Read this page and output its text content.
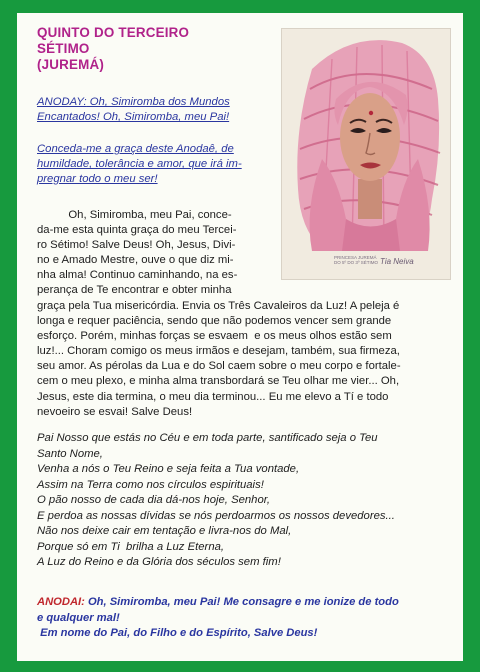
QUINTO DO TERCEIRO
SÉTIMO
(JUREMÁ)
ANODAY: Oh, Simiromba dos Mundos
Encantados! Oh, Simiromba, meu Pai!
Conceda-me a graça deste Anodaê, de
humildade, tolerância e amor, que irá im-
pregnar todo o meu ser!
PRINCESA JUREMÁ
DO 5º DO 3º SÉTIMO Tia Neiva
Oh, Simiromba, meu Pai, conce-
da-me esta quinta graça do meu Tercei-
ro Sétimo! Salve Deus! Oh, Jesus, Divi-
no e Amado Mestre, ouve o que diz mi-
nha alma! Continuo caminhando, na es-
perança de Te encontrar e obter minha
graça pela Tua misericórdia. Envia os Três Cavaleiros da Luz! A peleja é
longa e requer paciência, sendo que não podemos vencer sem grande
esforço. Porém, minhas forças se esvaem  e os meus olhos estão sem
luz!... Choram comigo os meus irmãos e desejam, também, sua firmeza,
seu amor. As pérolas da Lua e do Sol caem sobre o meu corpo e fortale-
cem o meu plexo, e minha alma transbordará se Teu olhar me vier... Oh,
Jesus, este dia termina, o meu dia terminou... Eu me elevo a Tí e todo
nevoeiro se esvai! Salve Deus!
Pai Nosso que estás no Céu e em toda parte, santificado seja o Teu
Santo Nome,
Venha a nós o Teu Reino e seja feita a Tua vontade,
Assim na Terra como nos círculos espirituais!
O pão nosso de cada dia dá-nos hoje, Senhor,
E perdoa as nossas dívidas se nós perdoarmos os nossos devedores...
Não nos deixe cair em tentação e livra-nos do Mal,
Porque só em Ti  brilha a Luz Eterna,
A Luz do Reino e da Glória dos séculos sem fim!
ANODAI: Oh, Simiromba, meu Pai! Me consagre e me ionize de todo
e qualquer mal!
Em nome do Pai, do Filho e do Espírito, Salve Deus!
